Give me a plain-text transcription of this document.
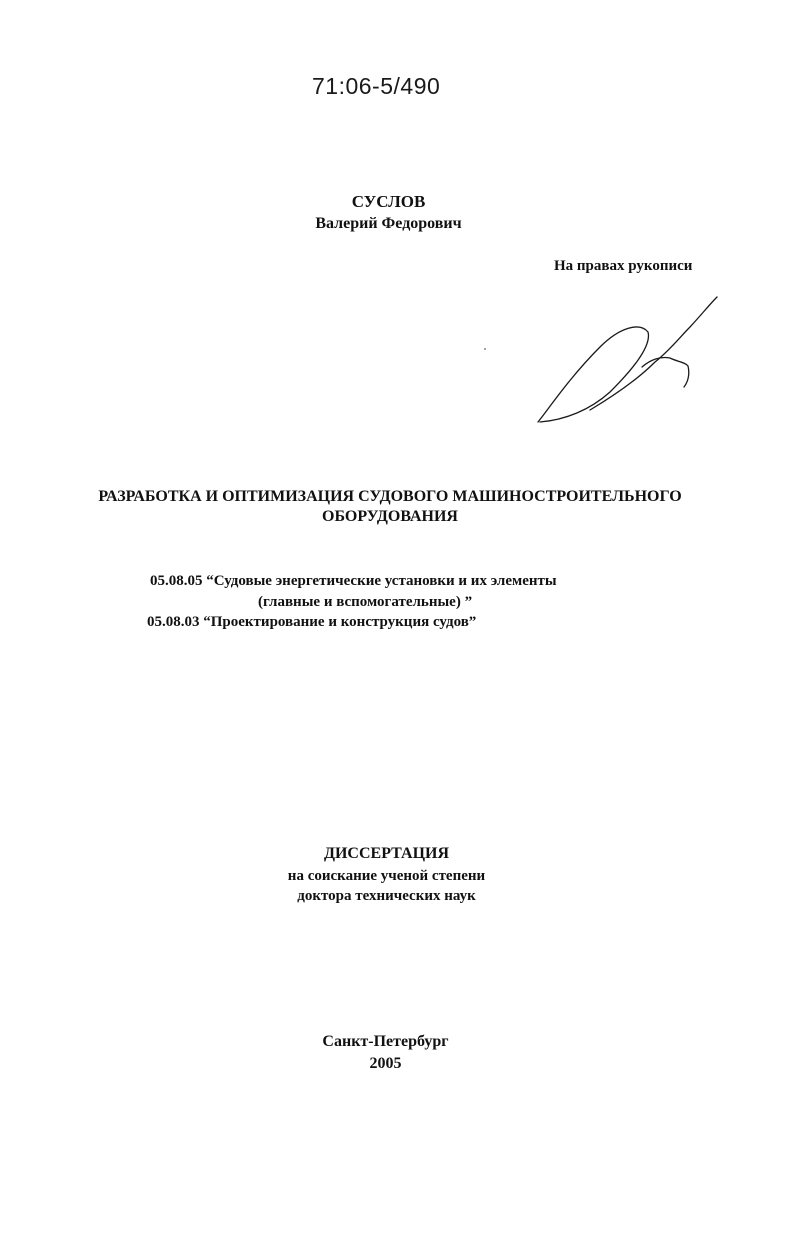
71:06-5/490
СУСЛОВ
Валерий Федорович
На правах рукописи
РАЗРАБОТКА И ОПТИМИЗАЦИЯ СУДОВОГО МАШИНОСТРОИТЕЛЬНОГО
ОБОРУДОВАНИЯ
05.08.05 “Судовые энергетические установки и их элементы
(главные и вспомогательные) ”
05.08.03 “Проектирование и конструкция судов”
ДИССЕРТАЦИЯ
на соискание ученой степени
доктора технических наук
Санкт-Петербург
2005
